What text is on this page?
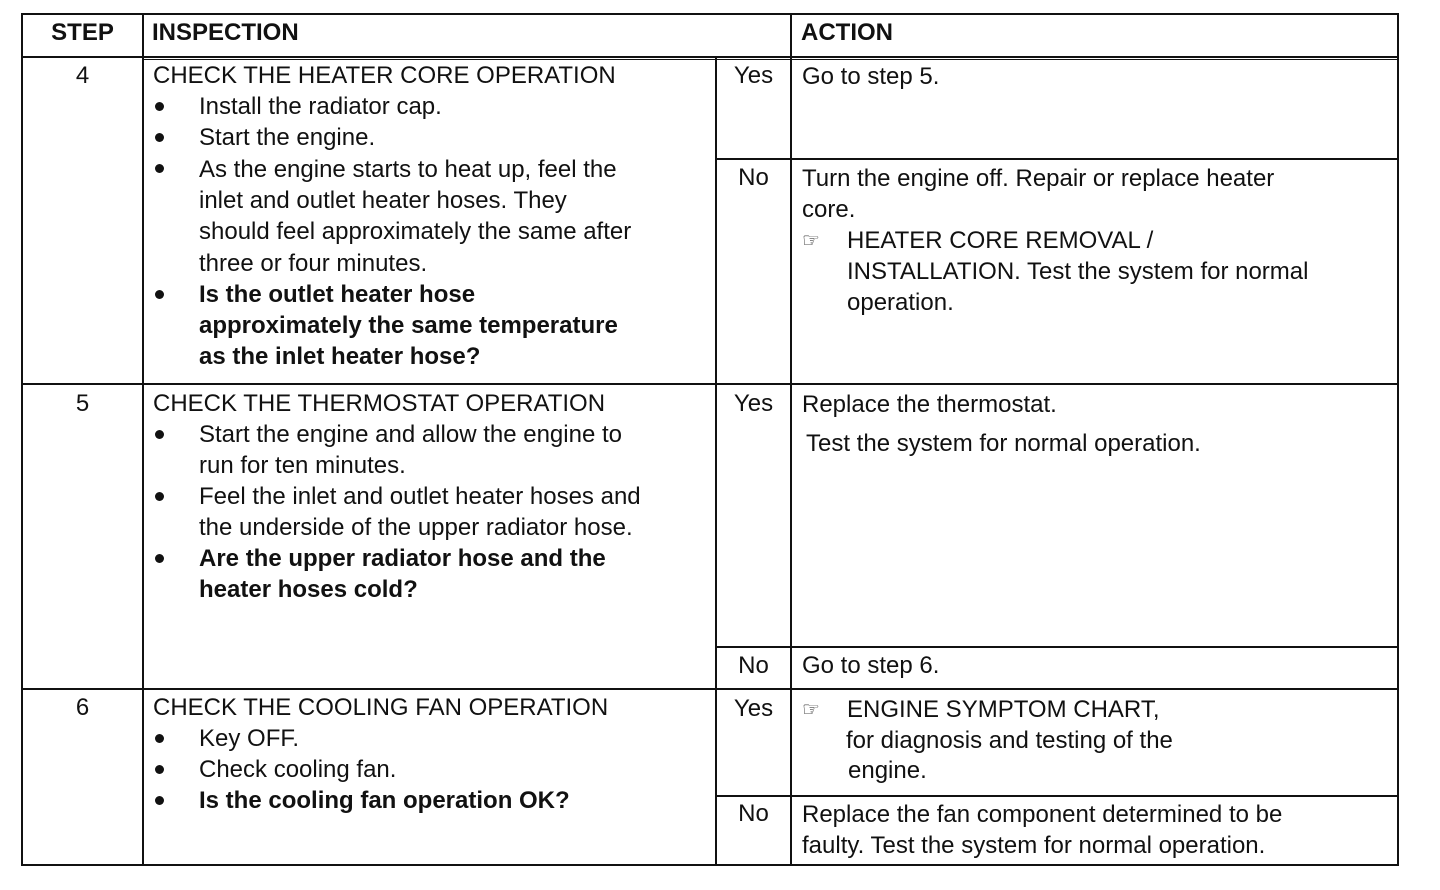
STEP	INSPECTION	ACTION
4	CHECK THE HEATER CORE OPERATION
Install the radiator cap.
Start the engine.
As the engine starts to heat up, feel the
inlet and outlet heater hoses. They
should feel approximately the same after
three or four minutes.
Is the outlet heater hose
approximately the same temperature
as the inlet heater hose?
Yes	Go to step 5.
No	Turn the engine off. Repair or replace heater
core.
☞ HEATER CORE REMOVAL /
INSTALLATION. Test the system for normal
operation.
5	CHECK THE THERMOSTAT OPERATION
Start the engine and allow the engine to
run for ten minutes.
Feel the inlet and outlet heater hoses and
the underside of the upper radiator hose.
Are the upper radiator hose and the
heater hoses cold?
Yes	Replace the thermostat.
Test the system for normal operation.
No	Go to step 6.
6	CHECK THE COOLING FAN OPERATION
Key OFF.
Check cooling fan.
Is the cooling fan operation OK?
Yes	☞ ENGINE SYMPTOM CHART,
for diagnosis and testing of the
engine.
No	Replace the fan component determined to be
faulty. Test the system for normal operation.
